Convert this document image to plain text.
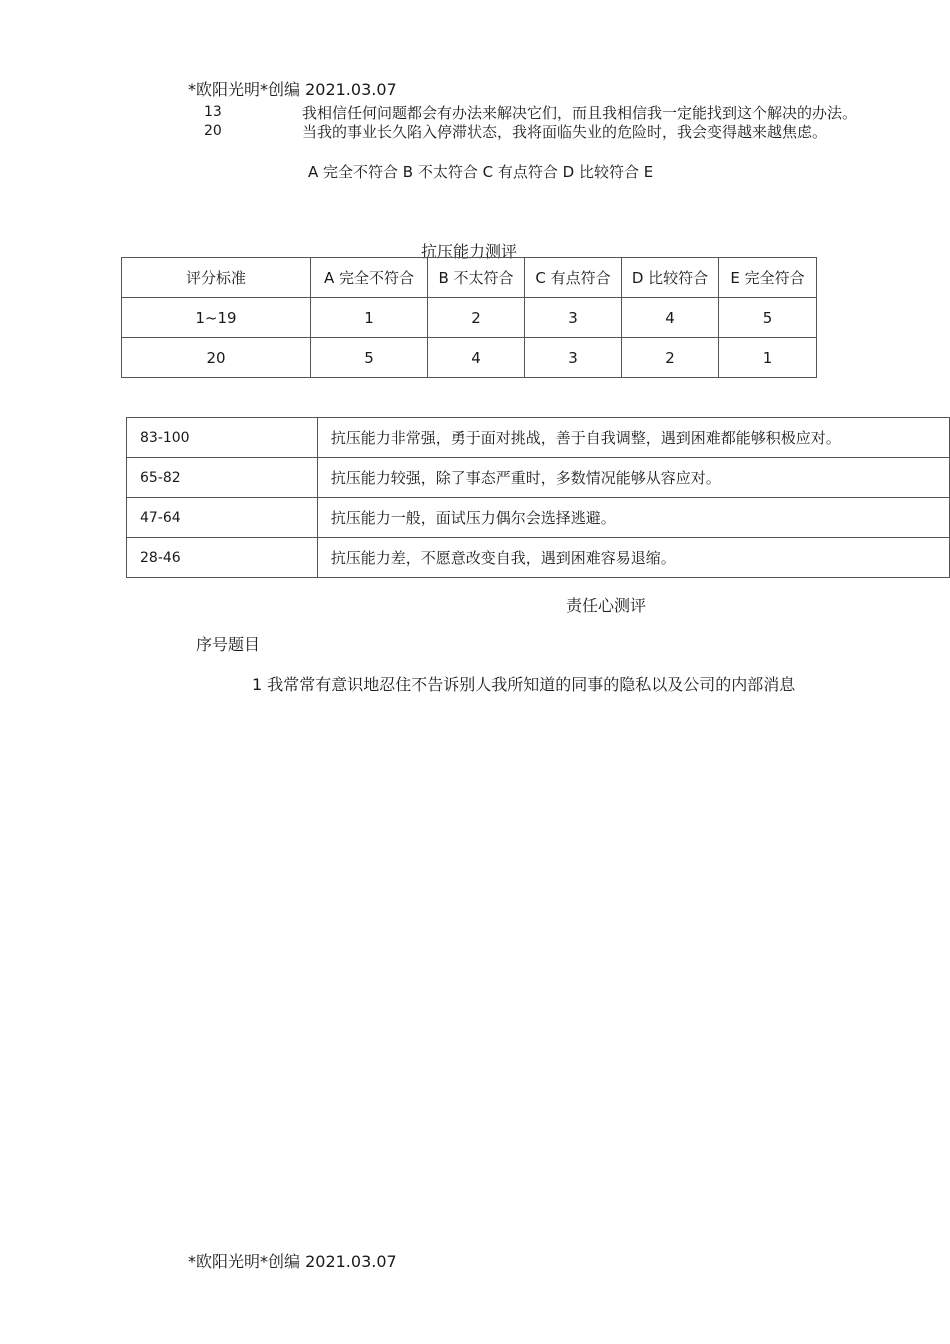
*欧阳光明*创编 2021.03.07
13	我相信任何问题都会有办法来解决它们，而且我相信我一定能找到这个解决的办法。
20	当我的事业长久陷入停滞状态，我将面临失业的危险时，我会变得越来越焦虑。
A 完全不符合 B 不太符合 C 有点符合 D 比较符合 E
抗压能力测评
评分标准	A 完全不符合	B 不太符合	C 有点符合	D 比较符合	E 完全符合
1~19	1	2	3	4	5
20	5	4	3	2	1
83-100	抗压能力非常强，勇于面对挑战，善于自我调整，遇到困难都能够积极应对。
65-82	抗压能力较强，除了事态严重时，多数情况能够从容应对。
47-64	抗压能力一般，面试压力偶尔会选择逃避。
28-46	抗压能力差，不愿意改变自我，遇到困难容易退缩。
责任心测评
序号题目
1 我常常有意识地忍住不告诉别人我所知道的同事的隐私以及公司的内部消息
*欧阳光明*创编 2021.03.07
